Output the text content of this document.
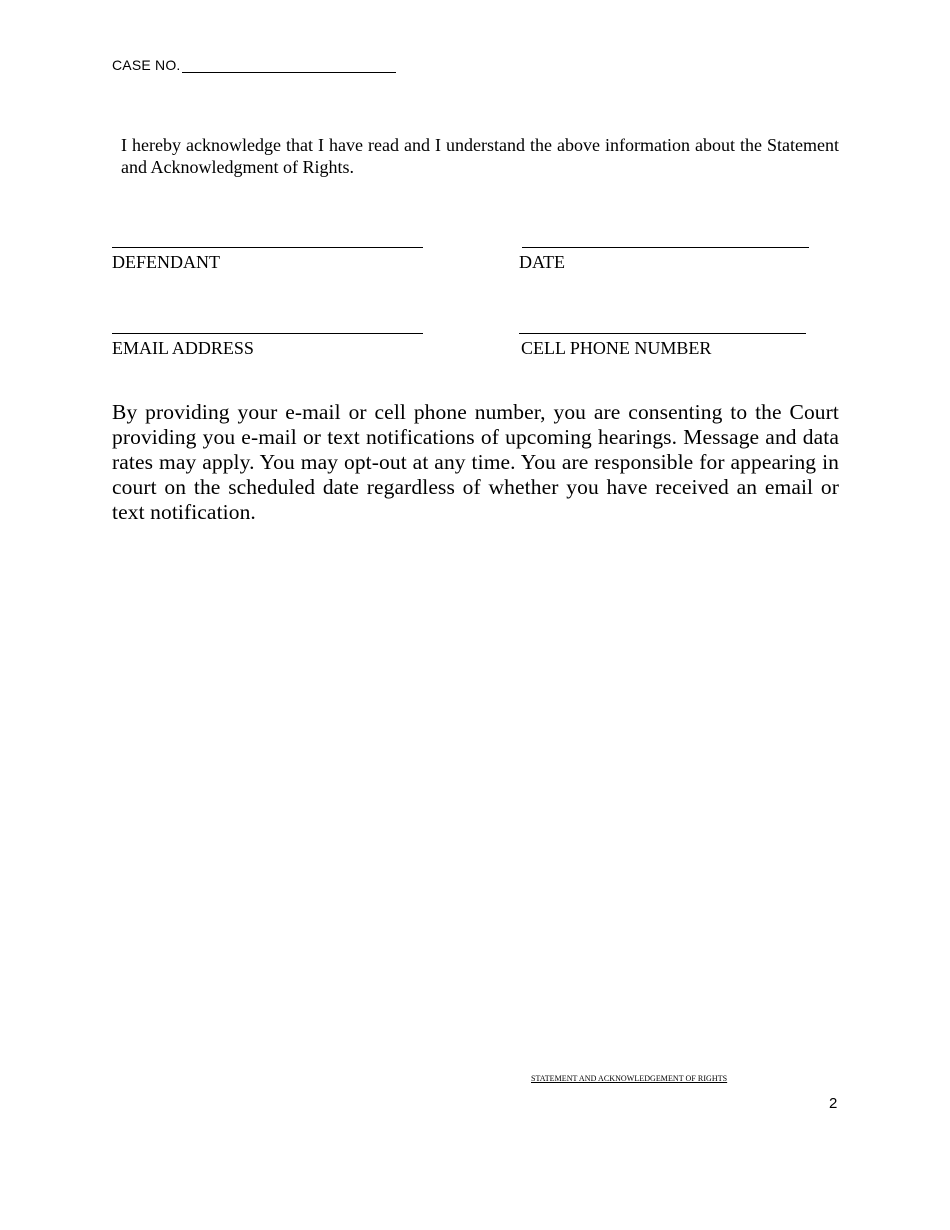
CASE NO.
I hereby acknowledge that I have read and I understand the above information about the Statement and Acknowledgment of Rights.
DEFENDANT	DATE
EMAIL ADDRESS	CELL PHONE NUMBER
By providing your e-mail or cell phone number, you are consenting to the Court providing you e-mail or text notifications of upcoming hearings. Message and data rates may apply. You may opt-out at any time. You are responsible for appearing in court on the scheduled date regardless of whether you have received an email or text notification.
STATEMENT AND ACKNOWLEDGEMENT OF RIGHTS
2
